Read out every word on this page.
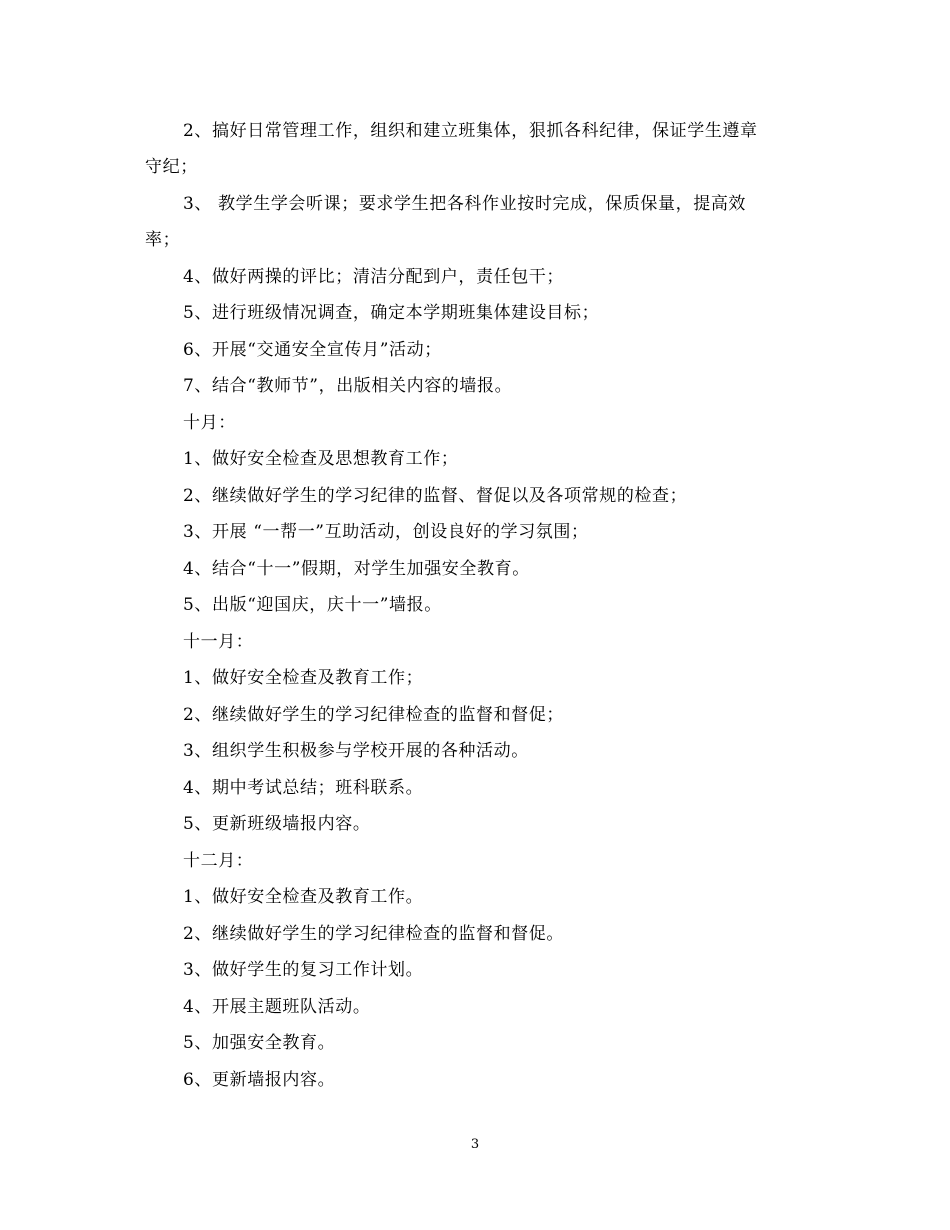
2、搞好日常管理工作，组织和建立班集体，狠抓各科纪律，保证学生遵章
守纪；
3、 教学生学会听课；要求学生把各科作业按时完成，保质保量，提高效
率；
4、做好两操的评比；清洁分配到户，责任包干；
5、进行班级情况调查，确定本学期班集体建设目标；
6、开展“交通安全宣传月”活动；
7、结合“教师节”，出版相关内容的墙报。
十月：
1、做好安全检查及思想教育工作；
2、继续做好学生的学习纪律的监督、督促以及各项常规的检查；
3、开展 “一帮一”互助活动，创设良好的学习氛围；
4、结合“十一”假期，对学生加强安全教育。
5、出版“迎国庆，庆十一”墙报。
十一月：
1、做好安全检查及教育工作；
2、继续做好学生的学习纪律检查的监督和督促；
3、组织学生积极参与学校开展的各种活动。
4、期中考试总结；班科联系。
5、更新班级墙报内容。
十二月：
1、做好安全检查及教育工作。
2、继续做好学生的学习纪律检查的监督和督促。
3、做好学生的复习工作计划。
4、开展主题班队活动。
5、加强安全教育。
6、更新墙报内容。
3
